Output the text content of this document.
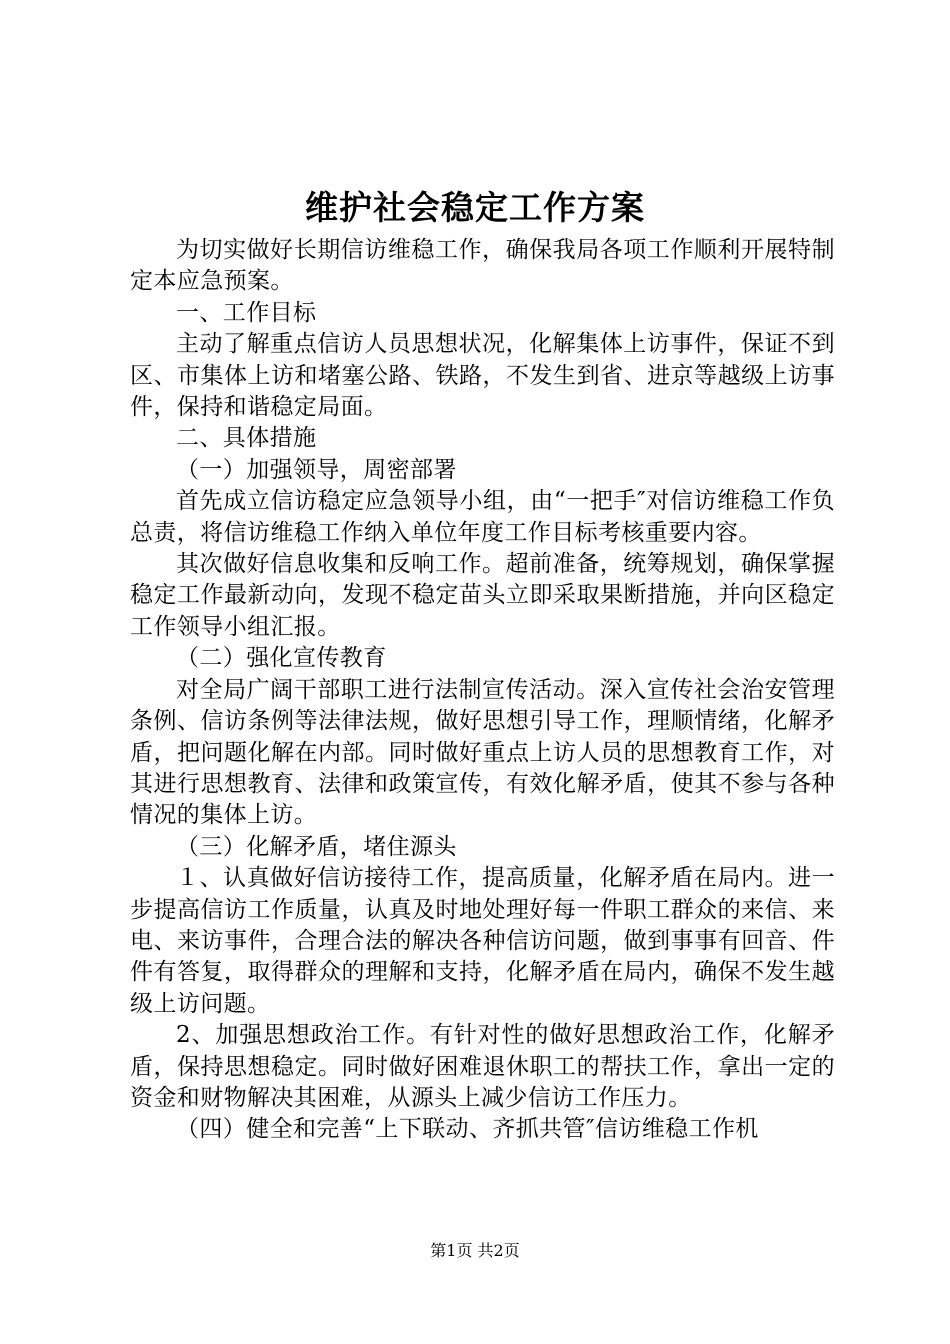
维护社会稳定工作方案

为切实做好长期信访维稳工作，确保我局各项工作顺利开展特制定本应急预案。

一、工作目标

主动了解重点信访人员思想状况，化解集体上访事件，保证不到区、市集体上访和堵塞公路、铁路，不发生到省、进京等越级上访事件，保持和谐稳定局面。

二、具体措施

（一）加强领导，周密部署

首先成立信访稳定应急领导小组，由“一把手″对信访维稳工作负总责，将信访维稳工作纳入单位年度工作目标考核重要内容。

其次做好信息收集和反响工作。超前准备，统筹规划，确保掌握稳定工作最新动向，发现不稳定苗头立即采取果断措施，并向区稳定工作领导小组汇报。

（二）强化宣传教育

对全局广阔干部职工进行法制宣传活动。深入宣传社会治安管理条例、信访条例等法律法规，做好思想引导工作，理顺情绪，化解矛盾，把问题化解在内部。同时做好重点上访人员的思想教育工作，对其进行思想教育、法律和政策宣传，有效化解矛盾，使其不参与各种情况的集体上访。

（三）化解矛盾，堵住源头

１、认真做好信访接待工作，提高质量，化解矛盾在局内。进一步提高信访工作质量，认真及时地处理好每一件职工群众的来信、来电、来访事件，合理合法的解决各种信访问题，做到事事有回音、件件有答复，取得群众的理解和支持，化解矛盾在局内，确保不发生越级上访问题。

2、加强思想政治工作。有针对性的做好思想政治工作，化解矛盾，保持思想稳定。同时做好困难退休职工的帮扶工作，拿出一定的资金和财物解决其困难，从源头上减少信访工作压力。

（四）健全和完善“上下联动、齐抓共管″信访维稳工作机

第1页 共2页
